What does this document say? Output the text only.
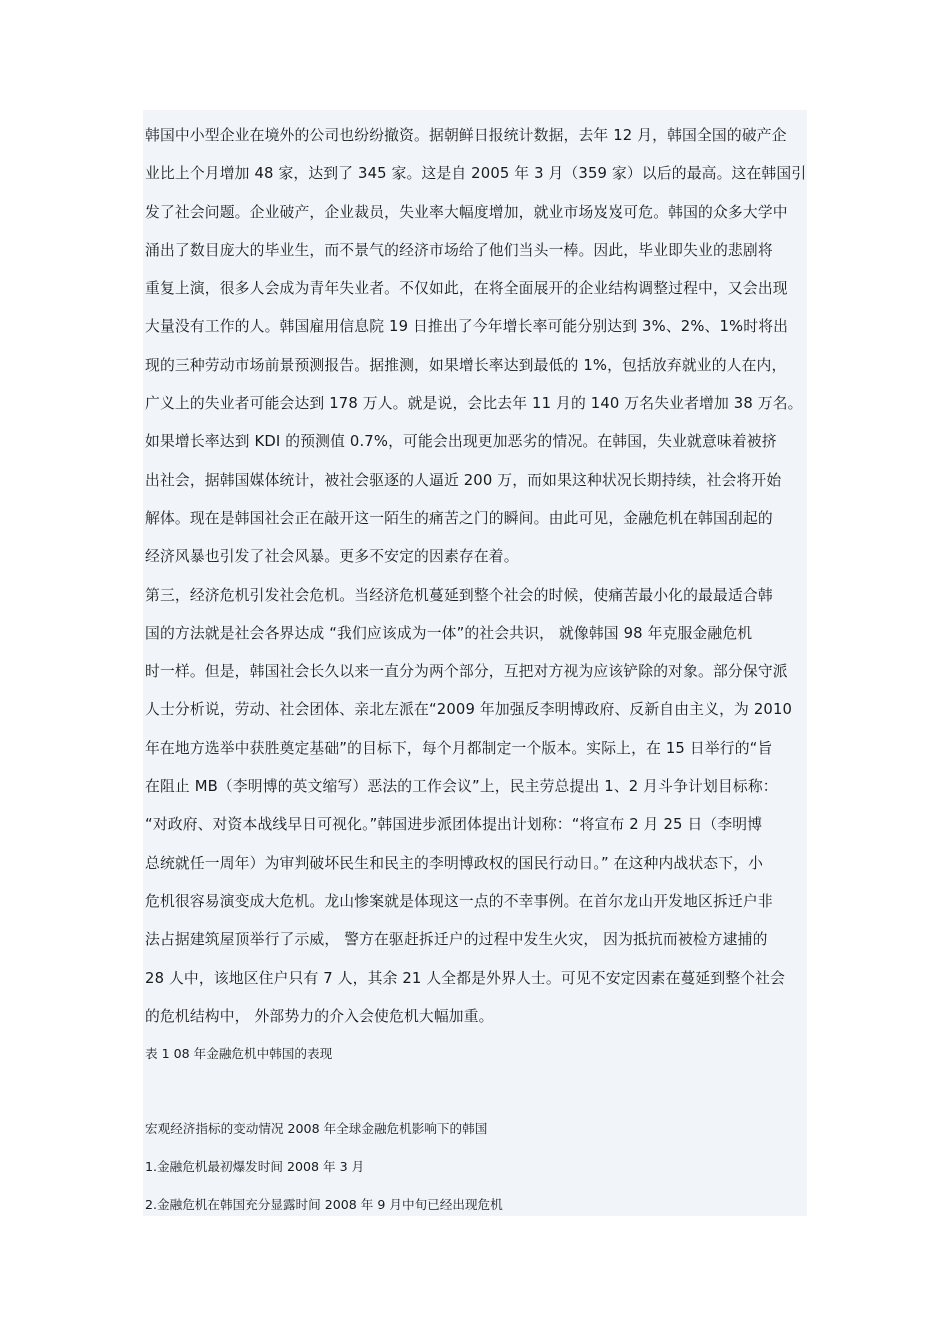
韩国中小型企业在境外的公司也纷纷撤资。据朝鲜日报统计数据，去年 12 月，韩国全国的破产企
业比上个月增加 48 家，达到了 345 家。这是自 2005 年 3 月（359 家）以后的最高。这在韩国引
发了社会问题。企业破产，企业裁员，失业率大幅度增加，就业市场岌岌可危。韩国的众多大学中
涌出了数目庞大的毕业生，而不景气的经济市场给了他们当头一棒。因此，毕业即失业的悲剧将
重复上演，很多人会成为青年失业者。不仅如此，在将全面展开的企业结构调整过程中，又会出现
大量没有工作的人。韩国雇用信息院 19 日推出了今年增长率可能分别达到 3%、2%、1%时将出
现的三种劳动市场前景预测报告。据推测，如果增长率达到最低的 1%，包括放弃就业的人在内，
广义上的失业者可能会达到 178 万人。就是说，会比去年 11 月的 140 万名失业者增加 38 万名。
如果增长率达到 KDI 的预测值 0.7%，可能会出现更加恶劣的情况。在韩国，失业就意味着被挤
出社会，据韩国媒体统计，被社会驱逐的人逼近 200 万，而如果这种状况长期持续，社会将开始
解体。现在是韩国社会正在敲开这一陌生的痛苦之门的瞬间。由此可见，金融危机在韩国刮起的
经济风暴也引发了社会风暴。更多不安定的因素存在着。
第三，经济危机引发社会危机。当经济危机蔓延到整个社会的时候，使痛苦最小化的最最适合韩
国的方法就是社会各界达成 “我们应该成为一体”的社会共识， 就像韩国 98 年克服金融危机
时一样。但是，韩国社会长久以来一直分为两个部分，互把对方视为应该铲除的对象。部分保守派
人士分析说，劳动、社会团体、亲北左派在“2009 年加强反李明博政府、反新自由主义，为 2010
年在地方选举中获胜奠定基础”的目标下，每个月都制定一个版本。实际上，在 15 日举行的“旨
在阻止 MB（李明博的英文缩写）恶法的工作会议”上，民主劳总提出 1、2 月斗争计划目标称：
“对政府、对资本战线早日可视化。”韩国进步派团体提出计划称：“将宣布 2 月 25 日（李明博
总统就任一周年）为审判破坏民生和民主的李明博政权的国民行动日。” 在这种内战状态下，小
危机很容易演变成大危机。龙山惨案就是体现这一点的不幸事例。在首尔龙山开发地区拆迁户非
法占据建筑屋顶举行了示威， 警方在驱赶拆迁户的过程中发生火灾， 因为抵抗而被检方逮捕的
28 人中，该地区住户只有 7 人，其余 21 人全都是外界人士。可见不安定因素在蔓延到整个社会
的危机结构中， 外部势力的介入会使危机大幅加重。
表 1 08 年金融危机中韩国的表现
宏观经济指标的变动情况 2008 年全球金融危机影响下的韩国
1.金融危机最初爆发时间 2008 年 3 月
2.金融危机在韩国充分显露时间 2008 年 9 月中旬已经出现危机
